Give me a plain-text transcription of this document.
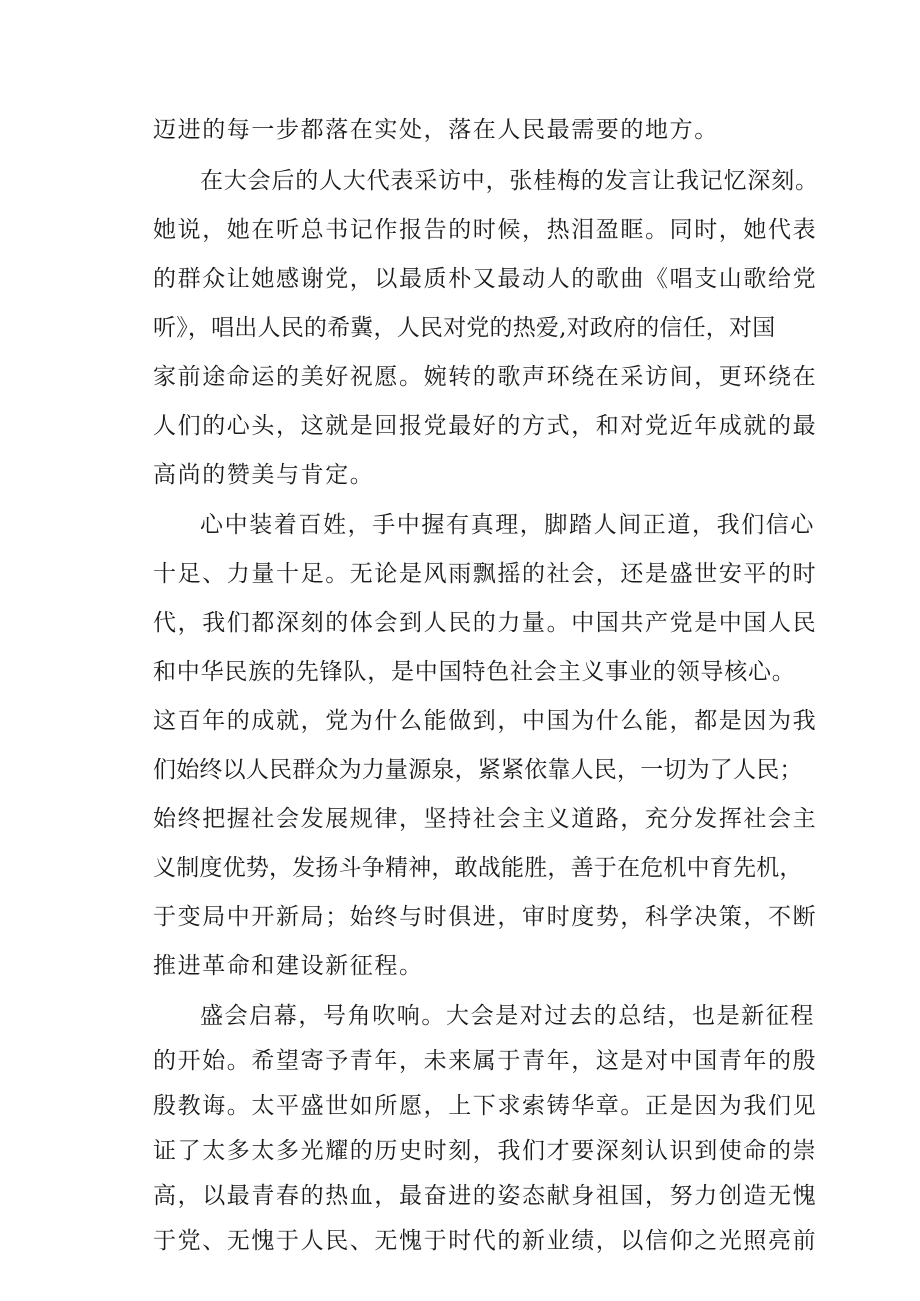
迈进的每一步都落在实处，落在人民最需要的地方。
在大会后的人大代表采访中，张桂梅的发言让我记忆深刻。
她说，她在听总书记作报告的时候，热泪盈眶。同时，她代表
的群众让她感谢党，以最质朴又最动人的歌曲《唱支山歌给党
听》，唱出人民的希冀，人民对党的热爱,对政府的信任，对国
家前途命运的美好祝愿。婉转的歌声环绕在采访间，更环绕在
人们的心头，这就是回报党最好的方式，和对党近年成就的最
高尚的赞美与肯定。
心中装着百姓，手中握有真理，脚踏人间正道，我们信心
十足、力量十足。无论是风雨飘摇的社会，还是盛世安平的时
代，我们都深刻的体会到人民的力量。中国共产党是中国人民
和中华民族的先锋队，是中国特色社会主义事业的领导核心。
这百年的成就，党为什么能做到，中国为什么能，都是因为我
们始终以人民群众为力量源泉，紧紧依靠人民，一切为了人民；
始终把握社会发展规律，坚持社会主义道路，充分发挥社会主
义制度优势，发扬斗争精神，敢战能胜，善于在危机中育先机，
于变局中开新局；始终与时俱进，审时度势，科学决策，不断
推进革命和建设新征程。
盛会启幕，号角吹响。大会是对过去的总结，也是新征程
的开始。希望寄予青年，未来属于青年，这是对中国青年的殷
殷教诲。太平盛世如所愿，上下求索铸华章。正是因为我们见
证了太多太多光耀的历史时刻，我们才要深刻认识到使命的崇
高，以最青春的热血，最奋进的姿态献身祖国，努力创造无愧
于党、无愧于人民、无愧于时代的新业绩，以信仰之光照亮前
